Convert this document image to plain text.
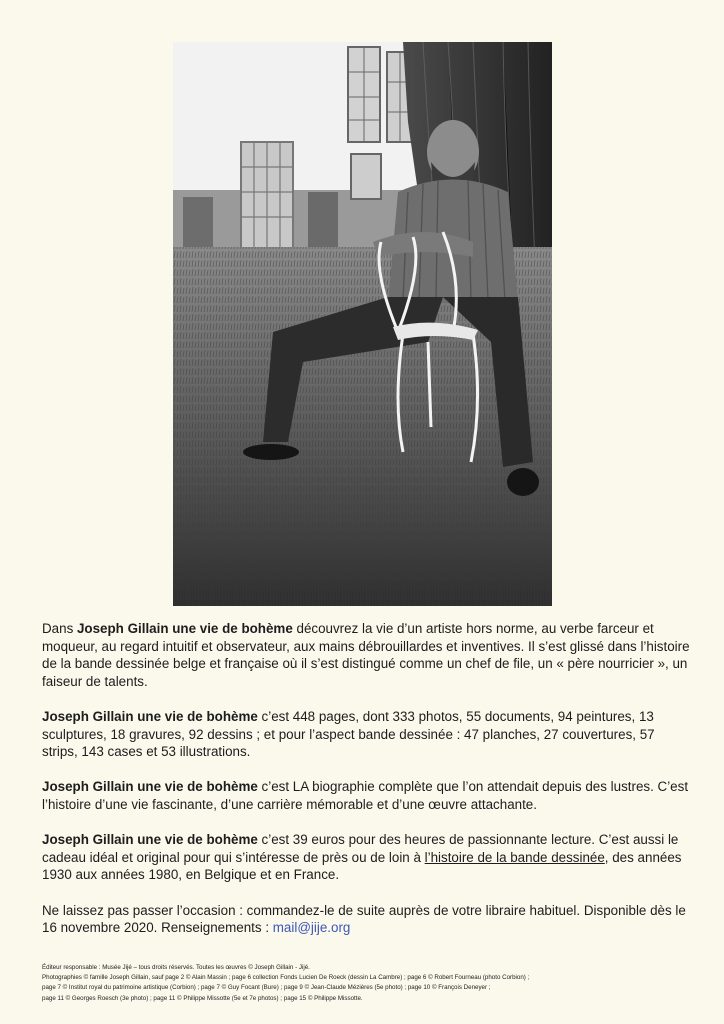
Dans Joseph Gillain une vie de bohème découvrez la vie d’un artiste hors norme, au verbe farceur et moqueur, au regard intuitif et observateur, aux mains débrouillardes et inventives. Il s’est glissé dans l’histoire de la bande dessinée belge et française où il s’est distingué comme un chef de file, un « père nourricier », un faiseur de talents.

Joseph Gillain une vie de bohème c’est 448 pages, dont 333 photos, 55 documents, 94 peintures, 13 sculptures, 18 gravures, 92 dessins ; et pour l’aspect bande dessinée : 47 planches, 27 couvertures, 57 strips, 143 cases et 53 illustrations.

Joseph Gillain une vie de bohème c’est LA biographie complète que l’on attendait depuis des lustres. C’est l’histoire d’une vie fascinante, d’une carrière mémorable et d’une œuvre attachante.

Joseph Gillain une vie de bohème c’est 39 euros pour des heures de passionnante lecture. C’est aussi le cadeau idéal et original pour qui s’intéresse de près ou de loin à l’histoire de la bande dessinée, des années 1930 aux années 1980, en Belgique et en France.

Ne laissez pas passer l’occasion : commandez-le de suite auprès de votre libraire habituel. Disponible dès le 16 novembre 2020. Renseignements : mail@jije.org

Éditeur responsable : Musée Jijé – tous droits réservés. Toutes les œuvres © Joseph Gillain - Jijé.
Photographies © famille Joseph Gillain, sauf page 2 © Alain Massin ; page 6 collection Fonds Lucien De Roeck (dessin La Cambre) ; page 6 © Robert Fourneau (photo Corbion) ;
page 7 © Institut royal du patrimoine artistique (Corbion) ; page 7 © Guy Focant (Bure) ; page 9 © Jean-Claude Mézières (5e photo) ; page 10 © François Deneyer ;
page 11 © Georges Roesch (3e photo) ; page 11 © Philippe Missotte (5e et 7e photos) ; page 15 © Philippe Missotte.
